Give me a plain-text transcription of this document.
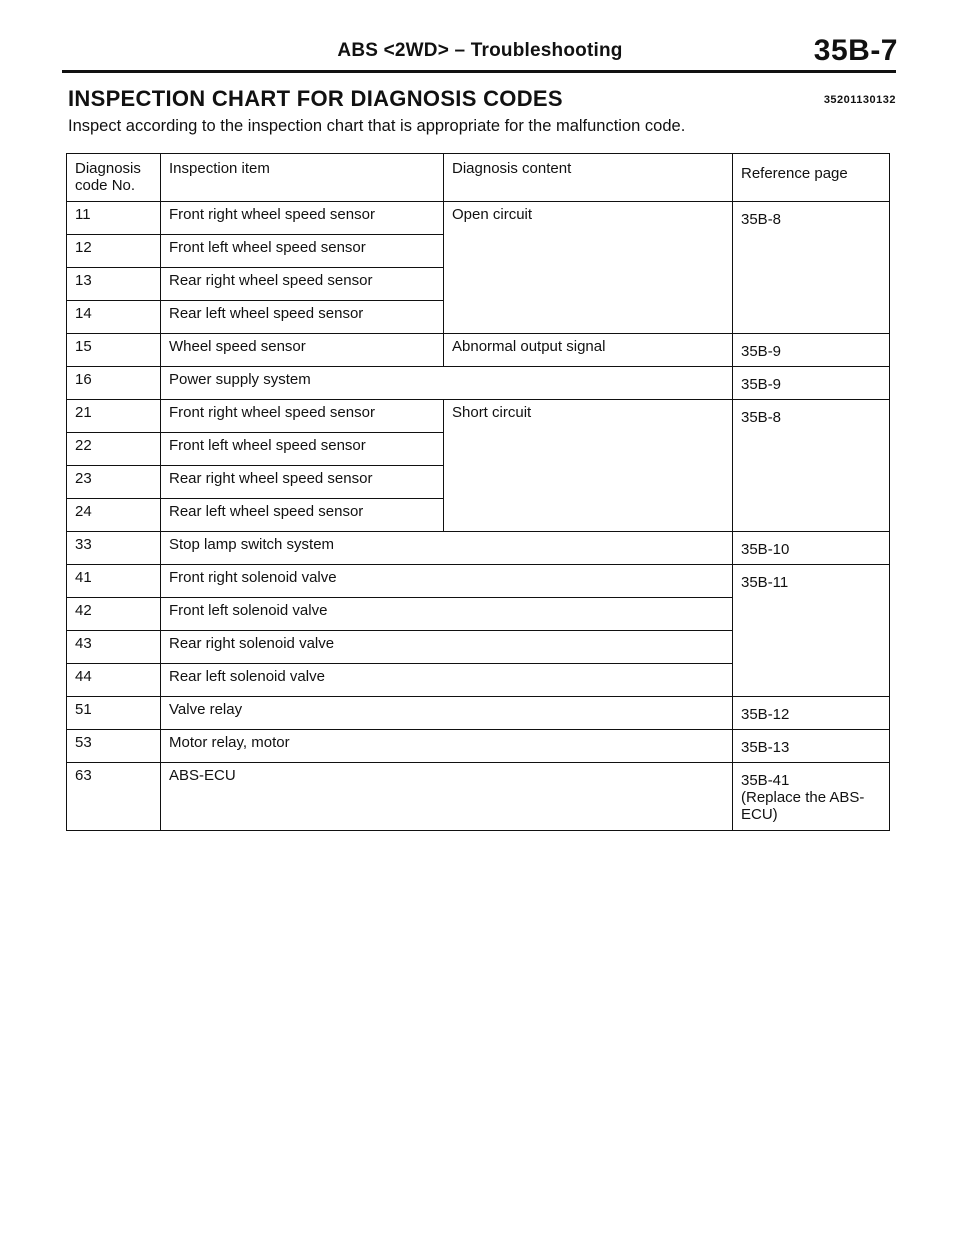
ABS <2WD> – Troubleshooting	35B-7
INSPECTION CHART FOR DIAGNOSIS CODES	35201130132
Inspect according to the inspection chart that is appropriate for the malfunction code.
Diagnosis
code No.	Inspection item	Diagnosis content	Reference page
11	Front right wheel speed sensor	Open circuit	35B-8
12	Front left wheel speed sensor		
13	Rear right wheel speed sensor		
14	Rear left wheel speed sensor		
15	Wheel speed sensor	Abnormal output signal	35B-9
16	Power supply system		35B-9
21	Front right wheel speed sensor	Short circuit	35B-8
22	Front left wheel speed sensor		
23	Rear right wheel speed sensor		
24	Rear left wheel speed sensor		
33	Stop lamp switch system		35B-10
41	Front right solenoid valve		35B-11
42	Front left solenoid valve		
43	Rear right solenoid valve		
44	Rear left solenoid valve		
51	Valve relay		35B-12
53	Motor relay, motor		35B-13
63	ABS-ECU		35B-41
(Replace the ABS-
ECU)
